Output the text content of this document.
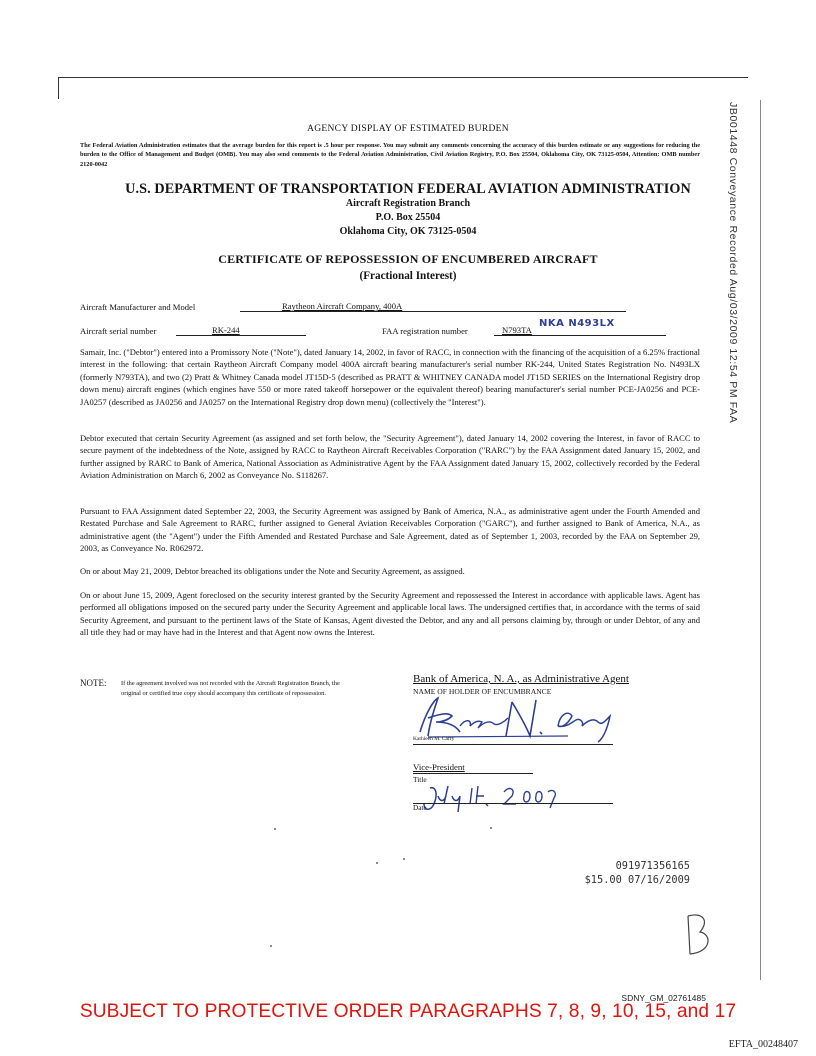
JB001448 Conveyance Recorded Aug/03/2009 12:54 PM FAA
AGENCY DISPLAY OF ESTIMATED BURDEN
The Federal Aviation Administration estimates that the average burden for this report is .5 hour per response. You may submit any comments concerning the accuracy of this burden estimate or any suggestions for reducing the burden to the Office of Management and Budget (OMB). You may also send comments to the Federal Aviation Administration, Civil Aviation Registry, P.O. Box 25504, Oklahoma City, OK 73125-0504, Attention: OMB number 2120-0042
U.S. DEPARTMENT OF TRANSPORTATION FEDERAL AVIATION ADMINISTRATION
Aircraft Registration Branch
P.O. Box 25504
Oklahoma City, OK 73125-0504
CERTIFICATE OF REPOSSESSION OF ENCUMBERED AIRCRAFT
(Fractional Interest)
Aircraft Manufacturer and Model	Raytheon Aircraft Company, 400A
Aircraft serial number	RK-244	FAA registration number	N793TA
NKA N493LX
Samair, Inc. ("Debtor") entered into a Promissory Note ("Note"), dated January 14, 2002, in favor of RACC, in connection with the financing of the acquisition of a 6.25% fractional interest in the following: that certain Raytheon Aircraft Company model 400A aircraft bearing manufacturer's serial number RK-244, United States Registration No. N493LX (formerly N793TA), and two (2) Pratt & Whitney Canada model JT15D-5 (described as PRATT & WHITNEY CANADA model JT15D SERIES on the International Registry drop down menu) aircraft engines (which engines have 550 or more rated takeoff horsepower or the equivalent thereof) bearing manufacturer's serial number PCE-JA0256 and PCE-JA0257 (described as JA0256 and JA0257 on the International Registry drop down menu) (collectively the "Interest").
Debtor executed that certain Security Agreement (as assigned and set forth below, the "Security Agreement"), dated January 14, 2002 covering the Interest, in favor of RACC to secure payment of the indebtedness of the Note, assigned by RACC to Raytheon Aircraft Receivables Corporation ("RARC") by the FAA Assignment dated January 15, 2002, and further assigned by RARC to Bank of America, National Association as Administrative Agent by the FAA Assignment dated January 15, 2002, collectively recorded by the Federal Aviation Administration on March 6, 2002 as Conveyance No. S118267.
Pursuant to FAA Assignment dated September 22, 2003, the Security Agreement was assigned by Bank of America, N.A., as administrative agent under the Fourth Amended and Restated Purchase and Sale Agreement to RARC, further assigned to General Aviation Receivables Corporation ("GARC"), and further assigned to Bank of America, N.A., as administrative agent (the "Agent") under the Fifth Amended and Restated Purchase and Sale Agreement, dated as of September 1, 2003, recorded by the FAA on September 29, 2003, as Conveyance No. R062972.
On or about May 21, 2009, Debtor breached its obligations under the Note and Security Agreement, as assigned.
On or about June 15, 2009, Agent foreclosed on the security interest granted by the Security Agreement and repossessed the Interest in accordance with applicable laws. Agent has performed all obligations imposed on the secured party under the Security Agreement and applicable local laws. The undersigned certifies that, in accordance with the terms of said Security Agreement, and pursuant to the pertinent laws of the State of Kansas, Agent divested the Debtor, and any and all persons claiming by, through or under Debtor, of any and all title they had or may have had in the Interest and that Agent now owns the Interest.
NOTE: If the agreement involved was not recorded with the Aircraft Registration Branch, the original or certified true copy should accompany this certificate of repossession.
Bank of America, N. A., as Administrative Agent
NAME OF HOLDER OF ENCUMBRANCE
Kathleen M. Carry
Vice-President
Title
Date
091971356165
$15.00 07/16/2009
SDNY_GM_02761485
SUBJECT TO PROTECTIVE ORDER PARAGRAPHS 7, 8, 9, 10, 15, and 17
EFTA_00248407
